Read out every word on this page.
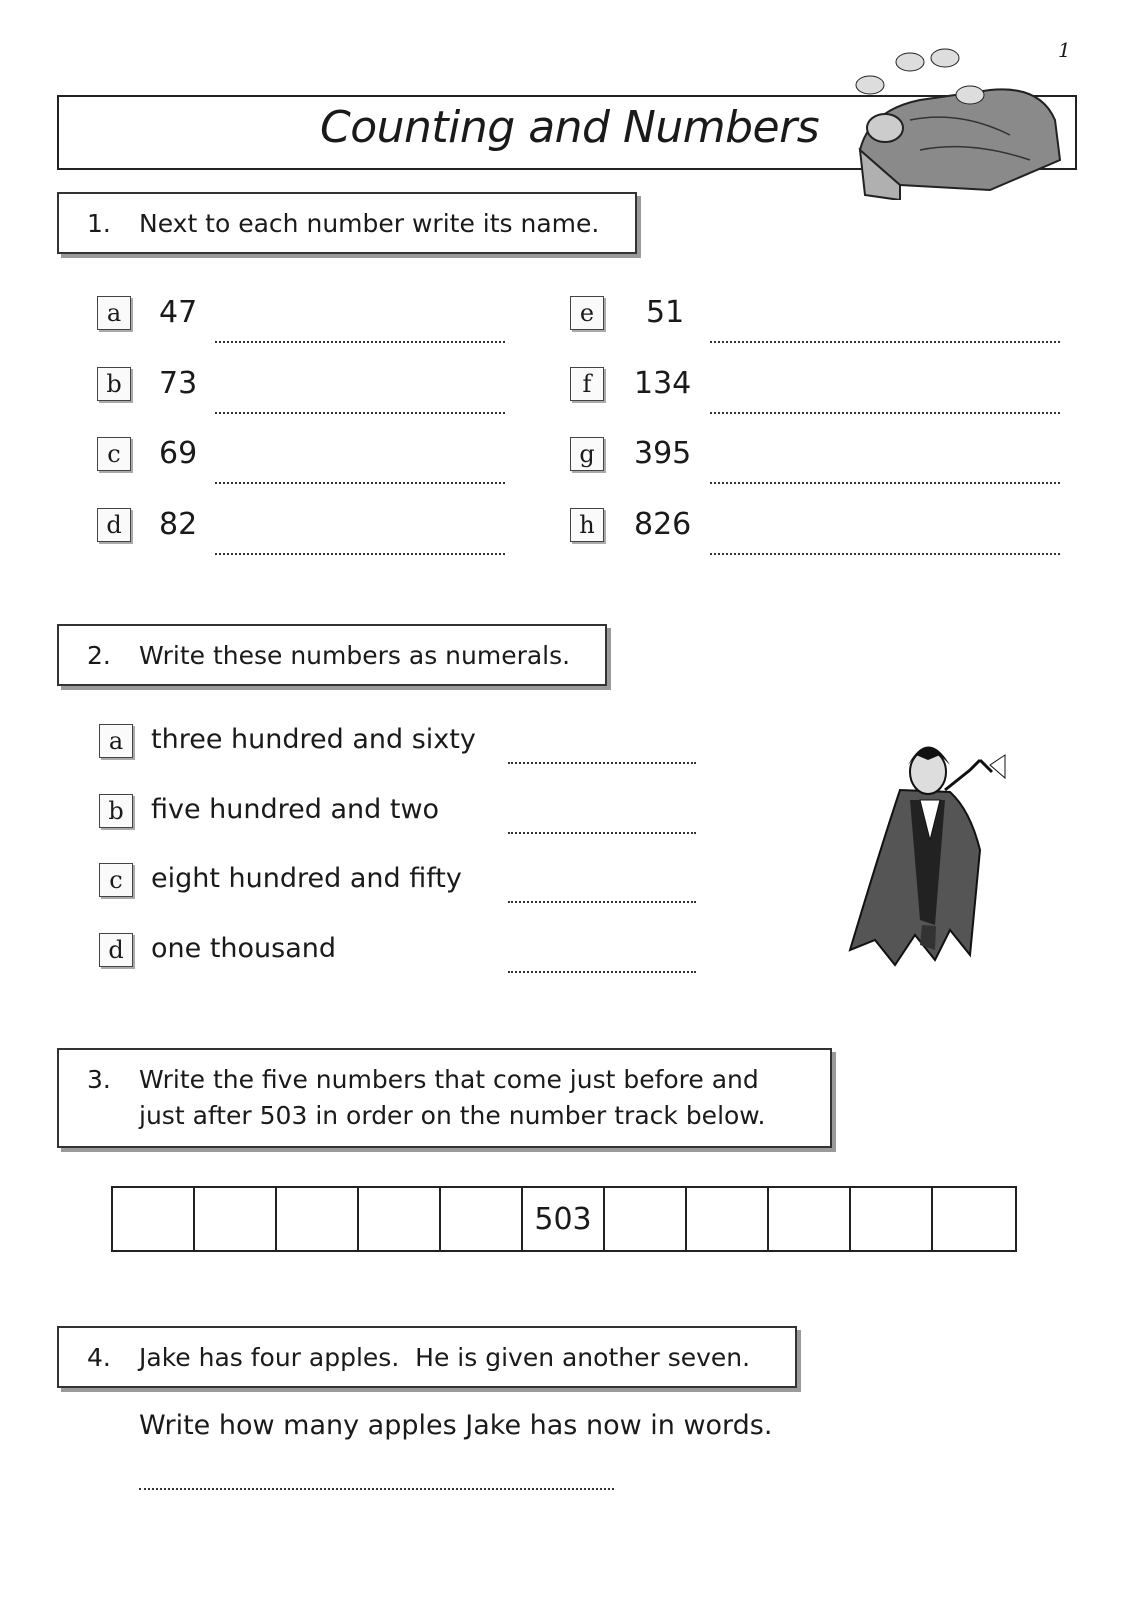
1
Counting and Numbers
1.	Next to each number write its name.
a	47
b	73
c	69
d	82
e	51
f	134
g	395
h	826
2.	Write these numbers as numerals.
a	three hundred and sixty
b	five hundred and two
c	eight hundred and fifty
d	one thousand
3.	Write the five numbers that come just before and
just after 503 in order on the number track below.
503
4.	Jake has four apples.  He is given another seven.
Write how many apples Jake has now in words.
